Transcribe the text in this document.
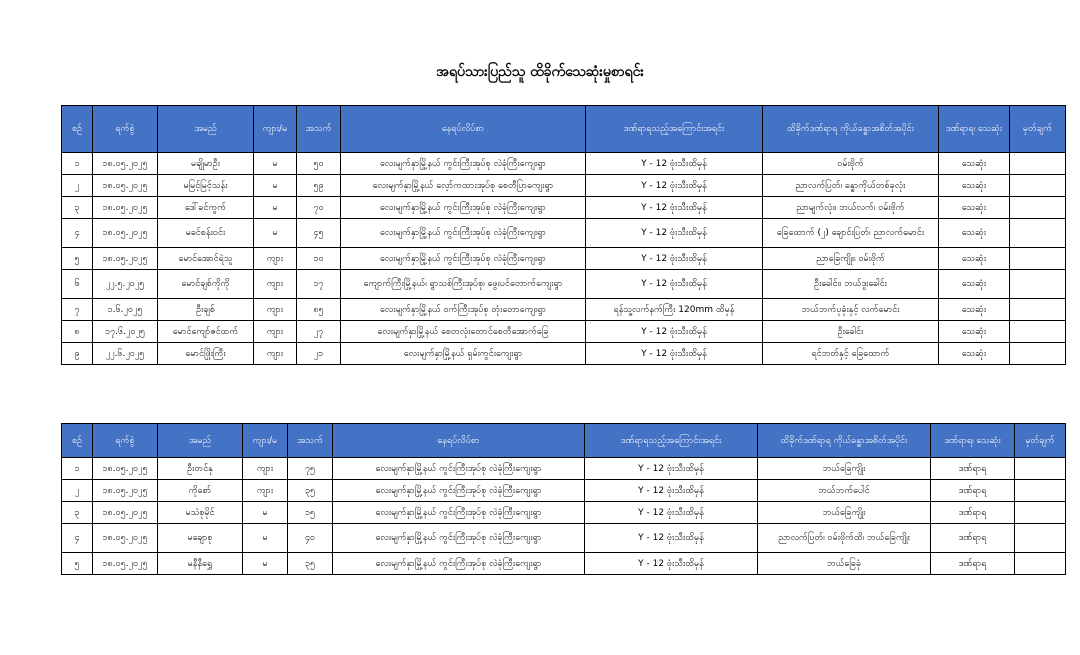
အရပ်သားပြည်သူ ထိခိုက်သေဆုံးမှုစာရင်း
စဥ်	ရက်စွဲ	အမည်	ကျား/မ	အသက်	နေရပ်လိပ်စာ	ဒဏ်ရာရသည့်အကြောင်းအရင်း	ထိခိုက်ဒဏ်ရာရ ကိုယ်ခန္ဓာအစိတ်အပိုင်း	ဒဏ်ရာရ၊ သေဆုံး	မှတ်ချက်
၁	၁၈.၀၅.၂၀၂၅	မချိုမာဦး	မ	၅၀	လေးမျက်နှာမြို့နယ် ကွင်းကြီးအုပ်စု လဲခုံကြီးကျေးရွာ	Y - 12 ဗုံးသီးထိမှန်	ဝမ်းဗိုက်	သေဆုံး	
၂	၁၈.၀၅.၂၀၂၅	မမြင့်မြင့်သန်း	မ	၅၉	လေးမျက်နှာမြို့နယ် လေ့ာ်ကထားအုပ်စု စေတီပြာကျေးရွာ	Y - 12 ဗုံးသီးထိမှန်	ညာလက်ပြတ်၊ ခန္ဓာကိုယ်တစ်ခုလုံး	သေဆုံး	
၃	၁၈.၀၅.၂၀၂၅	ဒေါ်ခင်ကွက်	မ	၇၀	လေးမျက်နှာမြို့နယ် ကွင်းကြီးအုပ်စု လဲခုံကြီးကျေးရွာ	Y - 12 ဗုံးသီးထိမှန်	ညာမျက်လုံး၊ ဘယ်လက်၊ ဝမ်းဗိုက်	သေဆုံး	
၄	၁၈.၀၅.၂၀၂၅	မခင်စန်းဝင်း	မ	၄၅	လေးမျက်နှာမြို့နယ် ကွင်းကြီးအုပ်စု လဲခုံကြီးကျေးရွာ	Y - 12 ဗုံးသီးထိမှန်	ခြေထောက် (၂) ချောင်းပြတ်၊ ညာလက်မောင်း	သေဆုံး	
၅	၁၈.၀၅.၂၀၂၅	မောင်အောင်ရဲသူ	ကျား	၁၀	လေးမျက်နှာမြို့နယ် ကွင်းကြီးအုပ်စု လဲခုံကြီးကျေးရွာ	Y - 12 ဗုံးသီးထိမှန်	ညာခြေကျိုး၊ ဝမ်းဗိုက်	သေဆုံး	
၆	၂၂.၅.၂၀၂၅	မောင်ချစ်ကိုကို	ကျား	၁၇	ကျောက်ကြီးမြို့နယ်၊ ရွာသစ်ကြီးအုပ်စု၊ ဖွေးပင်တောက်ကျေးရွာ	Y - 12 ဗုံးသီးထိမှန်	ဦးခေါင်း၊ ဘယ်ဒူးခေါင်း	သေဆုံး	
၇	၁.၆.၂၀၂၅	ဦးချစ်	ကျား	၈၅	လေးမျက်နှာမြို့နယ် ဝက်ကြီးအုပ်စု တုံးတောကျေးရွာ	ရန်သူ့လက်နက်ကြီး 120mm ထိမှန်	ဘယ်ဘက်ပုခုံးနှင့် လက်မောင်း	သေဆုံး	
၈	၁၇.၆.၂၀၂၅	မောင်ကျော်ဇင်ထက်	ကျား	၂၇	လေးမျက်နှာမြို့နယ် စေတလုံးတောင်စေတီအောက်ခြေ	Y - 12 ဗုံးသီးထိမှန်	ဦးခေါင်း	သေဆုံး	
၉	၂၂.၆.၂၀၂၅	မောင်ဖြိုးကြီး	ကျား	၂၁	လေးမျက်နှာမြို့နယ် ရှမ်းကွင်းကျေးရွာ	Y - 12 ဗုံးသီးထိမှန်	ရင်ဘတ်နှင့် ခြေထောက်	သေဆုံး	
စဥ်	ရက်စွဲ	အမည်	ကျား/မ	အသက်	နေရပ်လိပ်စာ	ဒဏ်ရာရသည့်အကြောင်းအရင်း	ထိခိုက်ဒဏ်ရာရ ကိုယ်ခန္ဓာအစိတ်အပိုင်း	ဒဏ်ရာရ၊ သေဆုံး	မှတ်ချက်
၁	၁၈.၀၅.၂၀၂၅	ဦးတင်နု	ကျား	၇၅	လေးမျက်နှာမြို့နယ် ကွင်းကြီးအုပ်စု လဲခုံကြီးကျေးရွာ	Y - 12 ဗုံးသီးထိမှန်	ဘယ်ခြေကျိုး	ဒဏ်ရာရ	
၂	၁၈.၀၅.၂၀၂၅	ကိုစော်	ကျား	၃၅	လေးမျက်နှာမြို့နယ် ကွင်းကြီးအုပ်စု လဲခုံကြီးကျေးရွာ	Y - 12 ဗုံးသီးထိမှန်	ဘယ်ဘက်ပေါင်	ဒဏ်ရာရ	
၃	၁၈.၀၅.၂၀၂၅	မသဲစုမိုင်	မ	၁၅	လေးမျက်နှာမြို့နယ် ကွင်းကြီးအုပ်စု လဲခုံကြီးကျေးရွာ	Y - 12 ဗုံးသီးထိမှန်	ဘယ်ခြေကျိုး	ဒဏ်ရာရ	
၄	၁၈.၀၅.၂၀၂၅	မချောစု	မ	၄၀	လေးမျက်နှာမြို့နယ် ကွင်းကြီးအုပ်စု လဲခုံကြီးကျေးရွာ	Y - 12 ဗုံးသီးထိမှန်	ညာလက်ပြတ်၊ ဝမ်းဗိုက်ထိ၊ ဘယ်ခြေကျိုး	ဒဏ်ရာရ	
၅	၁၈.၀၅.၂၀၂၅	မနီနီရွှေ	မ	၃၅	လေးမျက်နှာမြို့နယ် ကွင်းကြီးအုပ်စု လဲခုံကြီးကျေးရွာ	Y - 12 ဗုံးသီးထိမှန်	ဘယ်ခြေခုံ	ဒဏ်ရာရ	
